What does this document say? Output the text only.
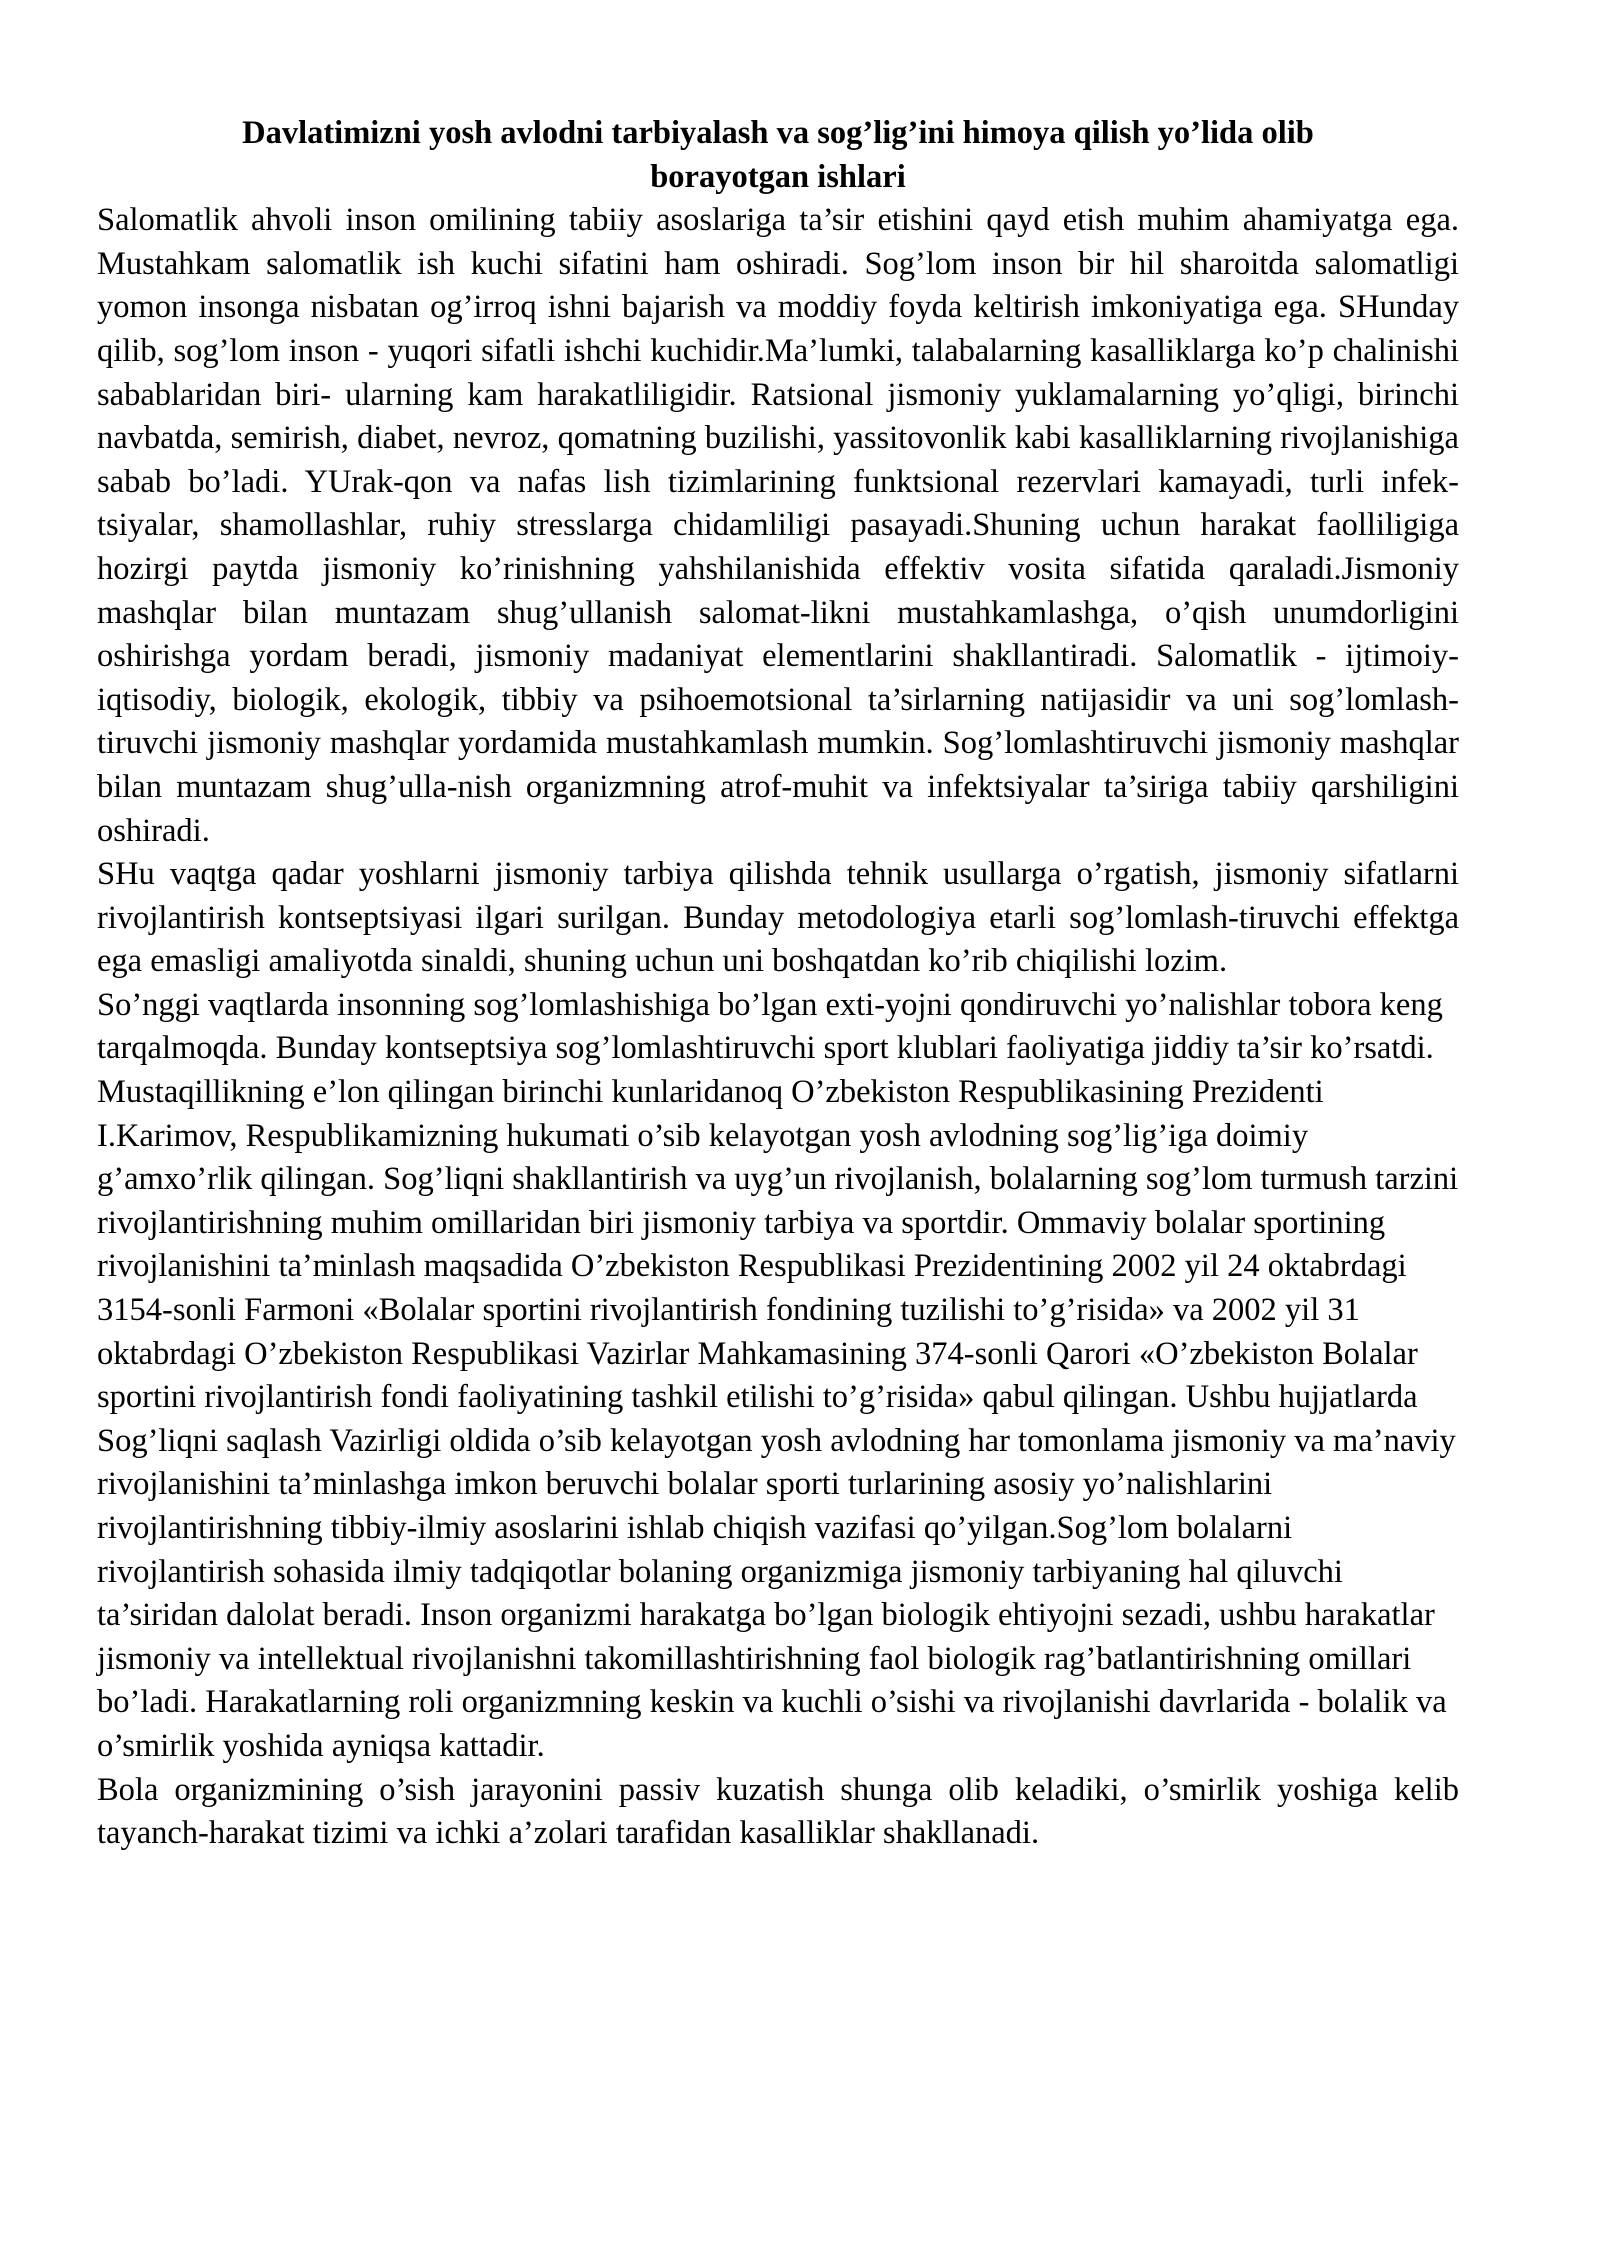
Davlatimizni yosh avlodni tarbiyalash va sog’lig’ini himoya qilish yo’lida olib borayotgan ishlari

Salomatlik ahvoli inson omilining tabiiy asoslariga ta’sir etishini qayd etish muhim ahamiyatga ega. Mustahkam salomatlik ish kuchi sifatini ham oshiradi. Sog’lom inson bir hil sharoitda salomatligi yomon insonga nisbatan og’irroq ishni bajarish va moddiy foyda keltirish imkoniyatiga ega. SHunday qilib, sog’lom inson - yuqori sifatli ishchi kuchidir.Ma’lumki, talabalarning kasalliklarga ko’p chalinishi sabablaridan biri- ularning kam harakatliligidir. Ratsional jismoniy yuklamalarning yo’qligi, birinchi navbatda, semirish, diabet, nevroz, qomatning buzilishi, yassitovonlik kabi kasalliklarning rivojlanishiga sabab bo’ladi. YUrak-qon va nafas lish tizimlarining funktsional rezervlari kamayadi, turli infek-tsiyalar, shamollashlar, ruhiy stresslarga chidamliligi pasayadi.Shuning uchun harakat faolliligiga hozirgi paytda jismoniy ko’rinishning yahshilanishida effektiv vosita sifatida qaraladi.Jismoniy mashqlar bilan muntazam shug’ullanish salomat-likni mustahkamlashga, o’qish unumdorligini oshirishga yordam beradi, jismoniy madaniyat elementlarini shakllantiradi. Salomatlik - ijtimoiy-iqtisodiy, biologik, ekologik, tibbiy va psihoemotsional ta’sirlarning natijasidir va uni sog’lomlash-tiruvchi jismoniy mashqlar yordamida mustahkamlash mumkin. Sog’lomlashtiruvchi jismoniy mashqlar bilan muntazam shug’ulla-nish organizmning atrof-muhit va infektsiyalar ta’siriga tabiiy qarshiligini oshiradi.

SHu vaqtga qadar yoshlarni jismoniy tarbiya qilishda tehnik usullarga o’rgatish, jismoniy sifatlarni rivojlantirish kontseptsiyasi ilgari surilgan. Bunday metodologiya etarli sog’lomlash-tiruvchi effektga ega emasligi amaliyotda sinaldi, shuning uchun uni boshqatdan ko’rib chiqilishi lozim.

So’nggi vaqtlarda insonning sog’lomlashishiga bo’lgan exti-yojni qondiruvchi yo’nalishlar tobora keng tarqalmoqda. Bunday kontseptsiya sog’lomlashtiruvchi sport klublari faoliyatiga jiddiy ta’sir ko’rsatdi. Mustaqillikning e’lon qilingan birinchi kunlaridanoq O’zbekiston Respublikasining Prezidenti I.Karimov, Respublikamizning hukumati o’sib kelayotgan yosh avlodning sog’lig’iga doimiy g’amxo’rlik qilingan. Sog’liqni shakllantirish va uyg’un rivojlanish, bolalarning sog’lom turmush tarzini rivojlantirishning muhim omillaridan biri jismoniy tarbiya va sportdir. Ommaviy bolalar sportining rivojlanishini ta’minlash maqsadida O’zbekiston Respublikasi Prezidentining 2002 yil 24 oktabrdagi 3154-sonli Farmoni «Bolalar sportini rivojlantirish fondining tuzilishi to’g’risida» va 2002 yil 31 oktabrdagi O’zbekiston Respublikasi Vazirlar Mahkamasining 374-sonli Qarori «O’zbekiston Bolalar sportini rivojlantirish fondi faoliyatining tashkil etilishi to’g’risida» qabul qilingan. Ushbu hujjatlarda Sog’liqni saqlash Vazirligi oldida o’sib kelayotgan yosh avlodning har tomonlama jismoniy va ma’naviy rivojlanishini ta’minlashga imkon beruvchi bolalar sporti turlarining asosiy yo’nalishlarini rivojlantirishning tibbiy-ilmiy asoslarini ishlab chiqish vazifasi qo’yilgan.Sog’lom bolalarni rivojlantirish sohasida ilmiy tadqiqotlar bolaning organizmiga jismoniy tarbiyaning hal qiluvchi ta’siridan dalolat beradi. Inson organizmi harakatga bo’lgan biologik ehtiyojni sezadi, ushbu harakatlar jismoniy va intellektual rivojlanishni takomillashtirishning faol biologik rag’batlantirishning omillari bo’ladi. Harakatlarning roli organizmning keskin va kuchli o’sishi va rivojlanishi davrlarida - bolalik va o’smirlik yoshida ayniqsa kattadir.

Bola organizmining o’sish jarayonini passiv kuzatish shunga olib keladiki, o’smirlik yoshiga kelib tayanch-harakat tizimi va ichki a’zolari tarafidan kasalliklar shakllanadi.
